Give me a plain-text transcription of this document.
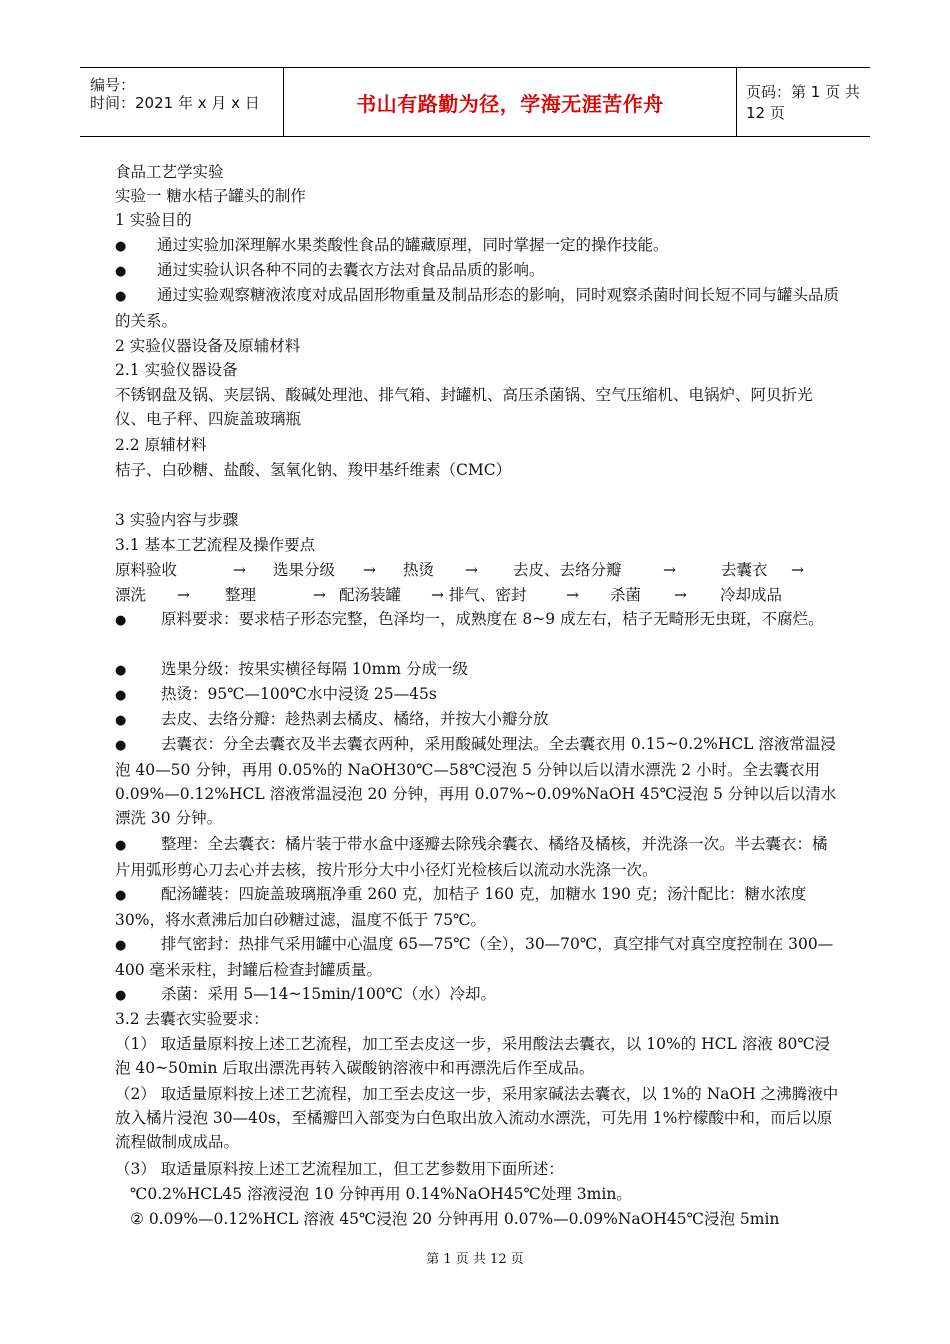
编号：
时间：2021 年 x 月 x 日	书山有路勤为径，学海无涯苦作舟	页码：第 1 页 共 12 页
食品工艺学实验
实验一 糖水桔子罐头的制作
1 实验目的
● 通过实验加深理解水果类酸性食品的罐藏原理，同时掌握一定的操作技能。
● 通过实验认识各种不同的去囊衣方法对食品品质的影响。
● 通过实验观察糖液浓度对成品固形物重量及制品形态的影响，同时观察杀菌时间长短不同与罐头品质的关系。
2 实验仪器设备及原辅材料
2.1 实验仪器设备
不锈钢盘及锅、夹层锅、酸碱处理池、排气箱、封罐机、高压杀菌锅、空气压缩机、电锅炉、阿贝折光仪、电子秤、四旋盖玻璃瓶
2.2 原辅材料
桔子、白砂糖、盐酸、氢氧化钠、羧甲基纤维素（CMC）
3 实验内容与步骤
3.1 基本工艺流程及操作要点
原料验收	→ 选果分级 → 热烫 → 去皮、去络分瓣	→	去囊衣 →
漂洗 → 整理	→ 配汤装罐 → 排气、密封	→ 杀菌 → 冷却成品
● 原料要求：要求桔子形态完整，色泽均一，成熟度在 8~9 成左右，桔子无畸形无虫斑，不腐烂。
● 选果分级：按果实横径每隔 10mm 分成一级
● 热烫：95℃—100℃水中浸烫 25—45s
● 去皮、去络分瓣：趁热剥去橘皮、橘络，并按大小瓣分放
● 去囊衣：分全去囊衣及半去囊衣两种，采用酸碱处理法。全去囊衣用 0.15~0.2%HCL 溶液常温浸泡 40—50 分钟，再用 0.05%的 NaOH30℃—58℃浸泡 5 分钟以后以清水漂洗 2 小时。全去囊衣用 0.09%—0.12%HCL 溶液常温浸泡 20 分钟，再用 0.07%~0.09%NaOH 45℃浸泡 5 分钟以后以清水漂洗 30 分钟。
● 整理：全去囊衣：橘片装于带水盒中逐瓣去除残余囊衣、橘络及橘核，并洗涤一次。半去囊衣：橘片用弧形剪心刀去心并去核，按片形分大中小径灯光检核后以流动水洗涤一次。
● 配汤罐装：四旋盖玻璃瓶净重 260 克，加桔子 160 克，加糖水 190 克；汤汁配比：糖水浓度 30%，将水煮沸后加白砂糖过滤，温度不低于 75℃。
● 排气密封：热排气采用罐中心温度 65—75℃（全），30—70℃，真空排气对真空度控制在 300—400 毫米汞柱，封罐后检查封罐质量。
● 杀菌：采用 5—14~15min/100℃（水）冷却。
3.2 去囊衣实验要求：
（1） 取适量原料按上述工艺流程，加工至去皮这一步，采用酸法去囊衣，以 10%的 HCL 溶液 80℃浸泡 40~50min 后取出漂洗再转入碳酸钠溶液中和再漂洗后作至成品。
（2） 取适量原料按上述工艺流程，加工至去皮这一步，采用家碱法去囊衣，以 1%的 NaOH 之沸腾液中放入橘片浸泡 30—40s，至橘瓣凹入部变为白色取出放入流动水漂洗，可先用 1%柠檬酸中和，而后以原流程做制成成品。
（3） 取适量原料按上述工艺流程加工，但工艺参数用下面所述：
℃0.2%HCL45 溶液浸泡 10 分钟再用 0.14%NaOH45℃处理 3min。
② 0.09%—0.12%HCL 溶液 45℃浸泡 20 分钟再用 0.07%—0.09%NaOH45℃浸泡 5min
第 1 页 共 12 页
